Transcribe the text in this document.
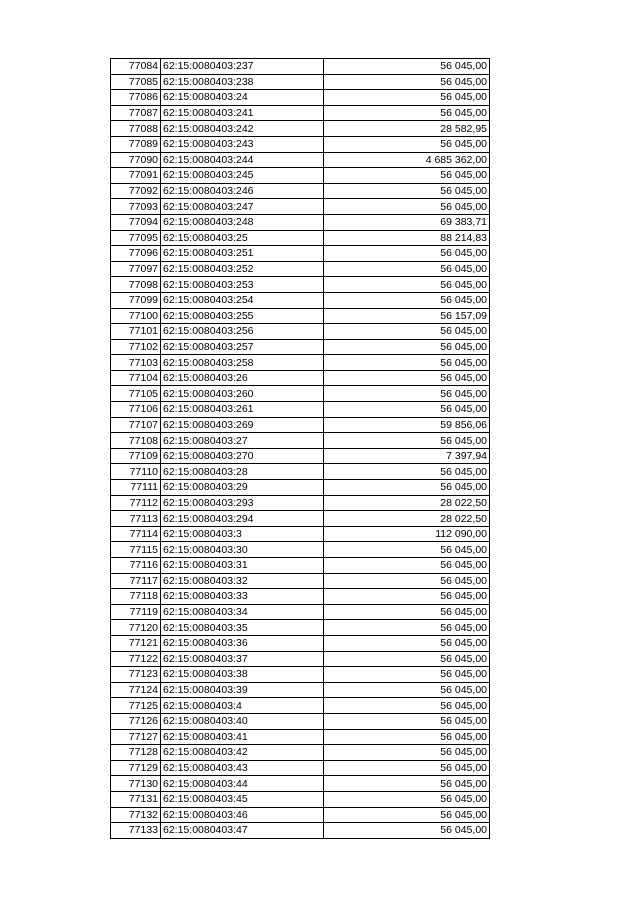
77084	62:15:0080403:237	56 045,00
77085	62:15:0080403:238	56 045,00
77086	62:15:0080403:24	56 045,00
77087	62:15:0080403:241	56 045,00
77088	62:15:0080403:242	28 582,95
77089	62:15:0080403:243	56 045,00
77090	62:15:0080403:244	4 685 362,00
77091	62:15:0080403:245	56 045,00
77092	62:15:0080403:246	56 045,00
77093	62:15:0080403:247	56 045,00
77094	62:15:0080403:248	69 383,71
77095	62:15:0080403:25	88 214,83
77096	62:15:0080403:251	56 045,00
77097	62:15:0080403:252	56 045,00
77098	62:15:0080403:253	56 045,00
77099	62:15:0080403:254	56 045,00
77100	62:15:0080403:255	56 157,09
77101	62:15:0080403:256	56 045,00
77102	62:15:0080403:257	56 045,00
77103	62:15:0080403:258	56 045,00
77104	62:15:0080403:26	56 045,00
77105	62:15:0080403:260	56 045,00
77106	62:15:0080403:261	56 045,00
77107	62:15:0080403:269	59 856,06
77108	62:15:0080403:27	56 045,00
77109	62:15:0080403:270	7 397,94
77110	62:15:0080403:28	56 045,00
77111	62:15:0080403:29	56 045,00
77112	62:15:0080403:293	28 022,50
77113	62:15:0080403:294	28 022,50
77114	62:15:0080403:3	112 090,00
77115	62:15:0080403:30	56 045,00
77116	62:15:0080403:31	56 045,00
77117	62:15:0080403:32	56 045,00
77118	62:15:0080403:33	56 045,00
77119	62:15:0080403:34	56 045,00
77120	62:15:0080403:35	56 045,00
77121	62:15:0080403:36	56 045,00
77122	62:15:0080403:37	56 045,00
77123	62:15:0080403:38	56 045,00
77124	62:15:0080403:39	56 045,00
77125	62:15:0080403:4	56 045,00
77126	62:15:0080403:40	56 045,00
77127	62:15:0080403:41	56 045,00
77128	62:15:0080403:42	56 045,00
77129	62:15:0080403:43	56 045,00
77130	62:15:0080403:44	56 045,00
77131	62:15:0080403:45	56 045,00
77132	62:15:0080403:46	56 045,00
77133	62:15:0080403:47	56 045,00
